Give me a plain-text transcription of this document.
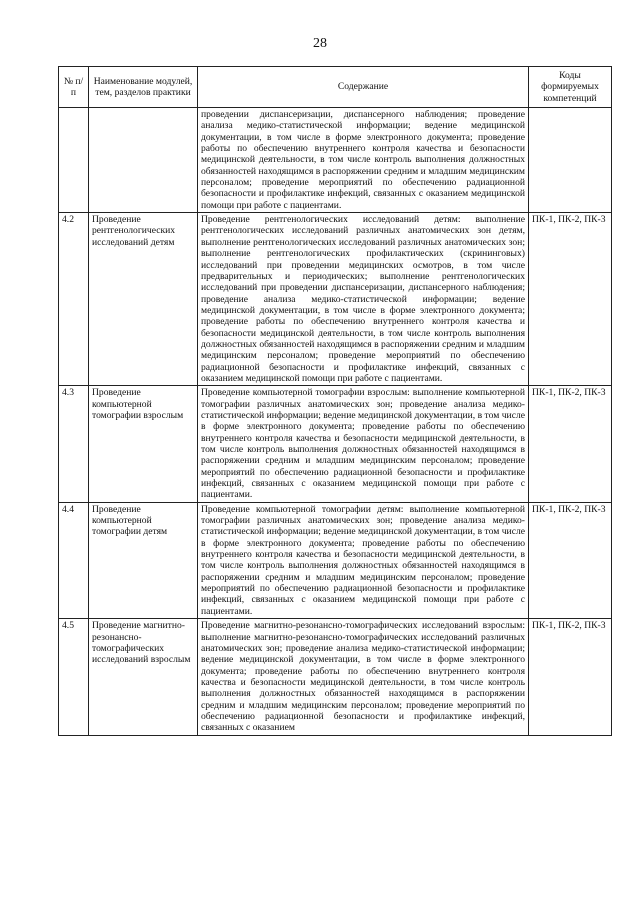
28
№ п/п	Наименование модулей, тем, разделов практики	Содержание	Коды формируемых компетенций
		проведении диспансеризации, диспансерного наблюдения; проведение анализа медико-статистической информации; ведение медицинской документации, в том числе в форме электронного документа; проведение работы по обеспечению внутреннего контроля качества и безопасности медицинской деятельности, в том числе контроль выполнения должностных обязанностей находящимся в распоряжении средним и младшим медицинским персоналом; проведение мероприятий по обеспечению радиационной безопасности и профилактике инфекций, связанных с оказанием медицинской помощи при работе с пациентами.	
4.2	Проведение рентгенологических исследований детям	Проведение рентгенологических исследований детям: выполнение рентгенологических исследований различных анатомических зон детям, выполнение рентгенологических исследований различных анатомических зон; выполнение рентгенологических профилактических (скрининговых) исследований при проведении медицинских осмотров, в том числе предварительных и периодических; выполнение рентгенологических исследований при проведении диспансеризации, диспансерного наблюдения; проведение анализа медико-статистической информации; ведение медицинской документации, в том числе в форме электронного документа; проведение работы по обеспечению внутреннего контроля качества и безопасности медицинской деятельности, в том числе контроль выполнения должностных обязанностей находящимся в распоряжении средним и младшим медицинским персоналом; проведение мероприятий по обеспечению радиационной безопасности и профилактике инфекций, связанных с оказанием медицинской помощи при работе с пациентами.	ПК-1, ПК-2, ПК-3
4.3	Проведение компьютерной томографии взрослым	Проведение компьютерной томографии взрослым: выполнение компьютерной томографии различных анатомических зон; проведение анализа медико-статистической информации; ведение медицинской документации, в том числе в форме электронного документа; проведение работы по обеспечению внутреннего контроля качества и безопасности медицинской деятельности, в том числе контроль выполнения должностных обязанностей находящимся в распоряжении средним и младшим медицинским персоналом; проведение мероприятий по обеспечению радиационной безопасности и профилактике инфекций, связанных с оказанием медицинской помощи при работе с пациентами.	ПК-1, ПК-2, ПК-3
4.4	Проведение компьютерной томографии детям	Проведение компьютерной томографии детям: выполнение компьютерной томографии различных анатомических зон; проведение анализа медико-статистической информации; ведение медицинской документации, в том числе в форме электронного документа; проведение работы по обеспечению внутреннего контроля качества и безопасности медицинской деятельности, в том числе контроль выполнения должностных обязанностей находящимся в распоряжении средним и младшим медицинским персоналом; проведение мероприятий по обеспечению радиационной безопасности и профилактике инфекций, связанных с оказанием медицинской помощи при работе с пациентами.	ПК-1, ПК-2, ПК-3
4.5	Проведение магнитно-резонансно-томографических исследований взрослым	Проведение магнитно-резонансно-томографических исследований взрослым: выполнение магнитно-резонансно-томографических исследований различных анатомических зон; проведение анализа медико-статистической информации; ведение медицинской документации, в том числе в форме электронного документа; проведение работы по обеспечению внутреннего контроля качества и безопасности медицинской деятельности, в том числе контроль выполнения должностных обязанностей находящимся в распоряжении средним и младшим медицинским персоналом; проведение мероприятий по обеспечению радиационной безопасности и профилактике инфекций, связанных с оказанием	ПК-1, ПК-2, ПК-3
